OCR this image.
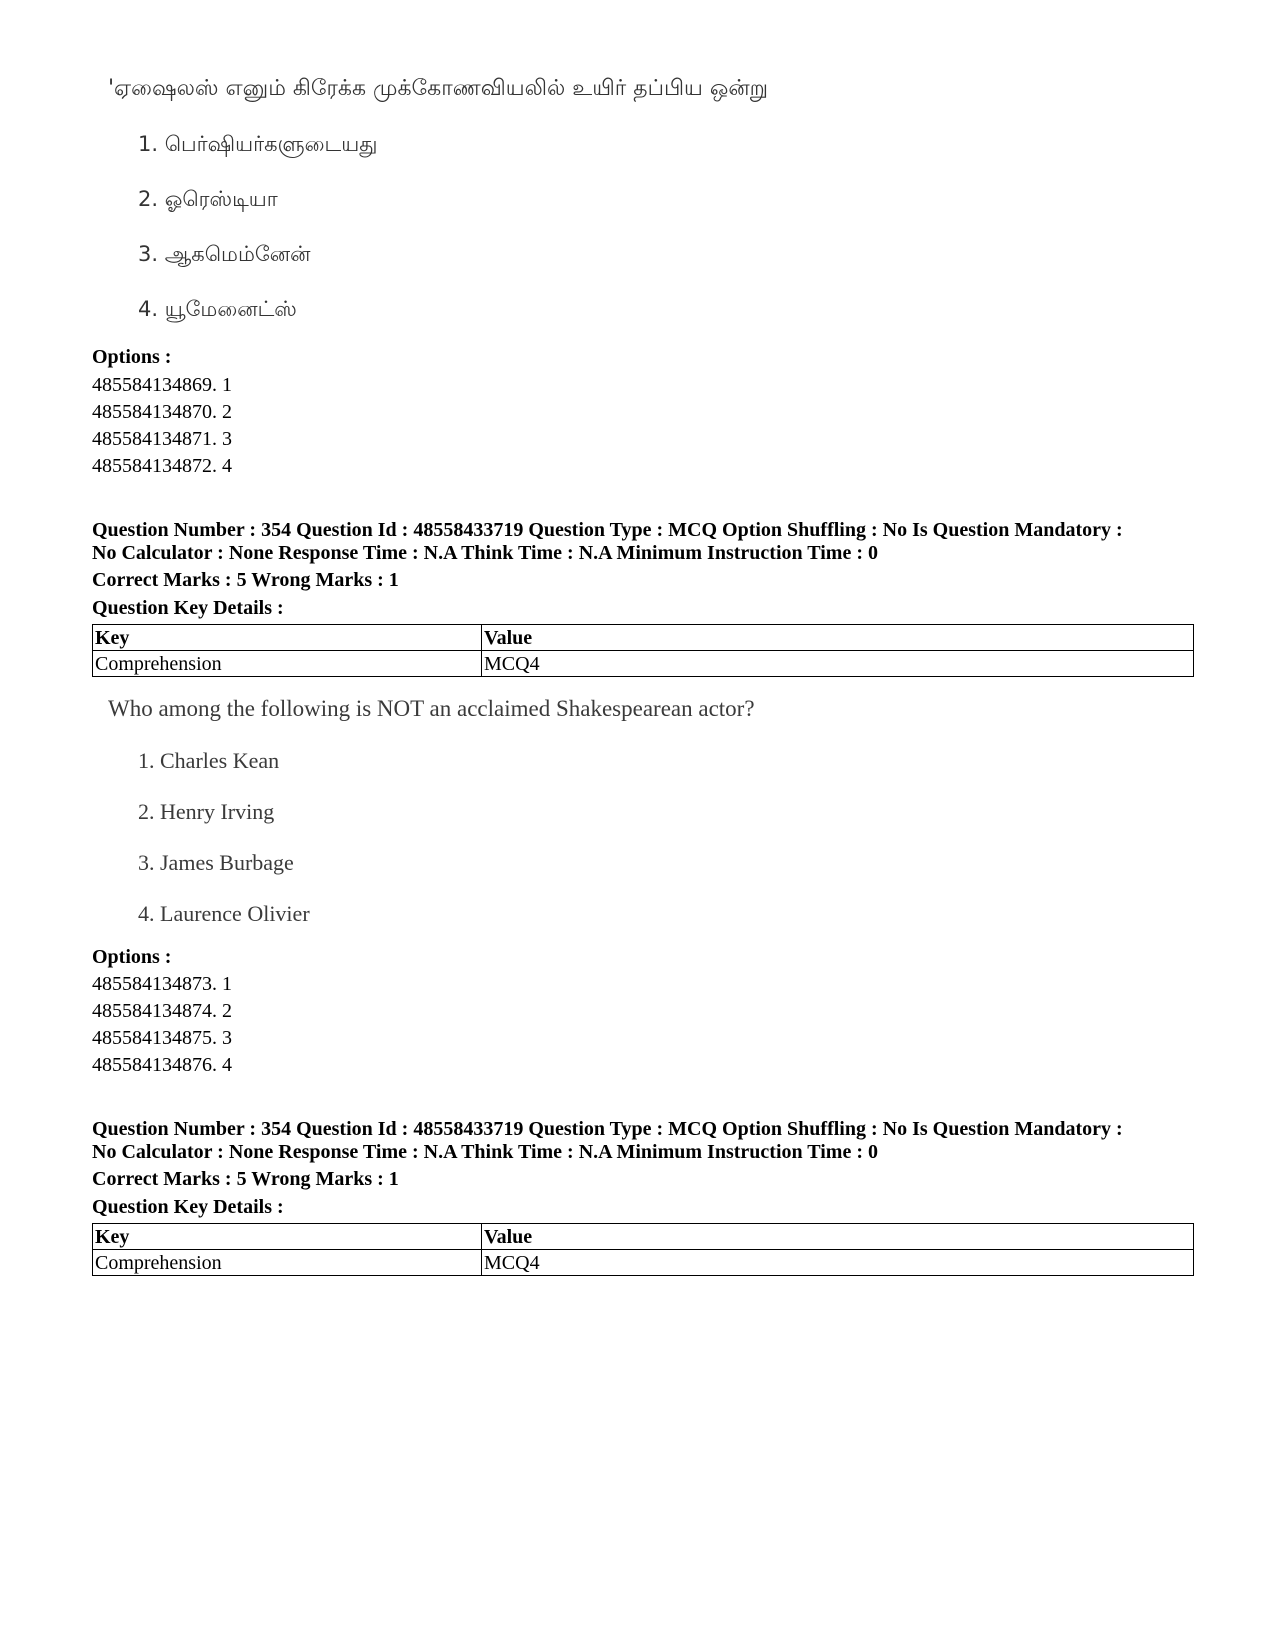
'ஏஷைலஸ் எனும் கிரேக்க முக்கோணவியலில் உயிர் தப்பிய ஒன்று
1. பெர்ஷியர்களுடையது
2. ஓரெஸ்டியா
3. ஆகமெம்னேன்
4. யூமேனைட்ஸ்
Options :
485584134869. 1
485584134870. 2
485584134871. 3
485584134872. 4
Question Number : 354 Question Id : 48558433719 Question Type : MCQ Option Shuffling : No Is Question Mandatory :
No Calculator : None Response Time : N.A Think Time : N.A Minimum Instruction Time : 0
Correct Marks : 5 Wrong Marks : 1
Question Key Details :
Key	Value
Comprehension	MCQ4
Who among the following is NOT an acclaimed Shakespearean actor?
1. Charles Kean
2. Henry Irving
3. James Burbage
4. Laurence Olivier
Options :
485584134873. 1
485584134874. 2
485584134875. 3
485584134876. 4
Question Number : 354 Question Id : 48558433719 Question Type : MCQ Option Shuffling : No Is Question Mandatory :
No Calculator : None Response Time : N.A Think Time : N.A Minimum Instruction Time : 0
Correct Marks : 5 Wrong Marks : 1
Question Key Details :
Key	Value
Comprehension	MCQ4
